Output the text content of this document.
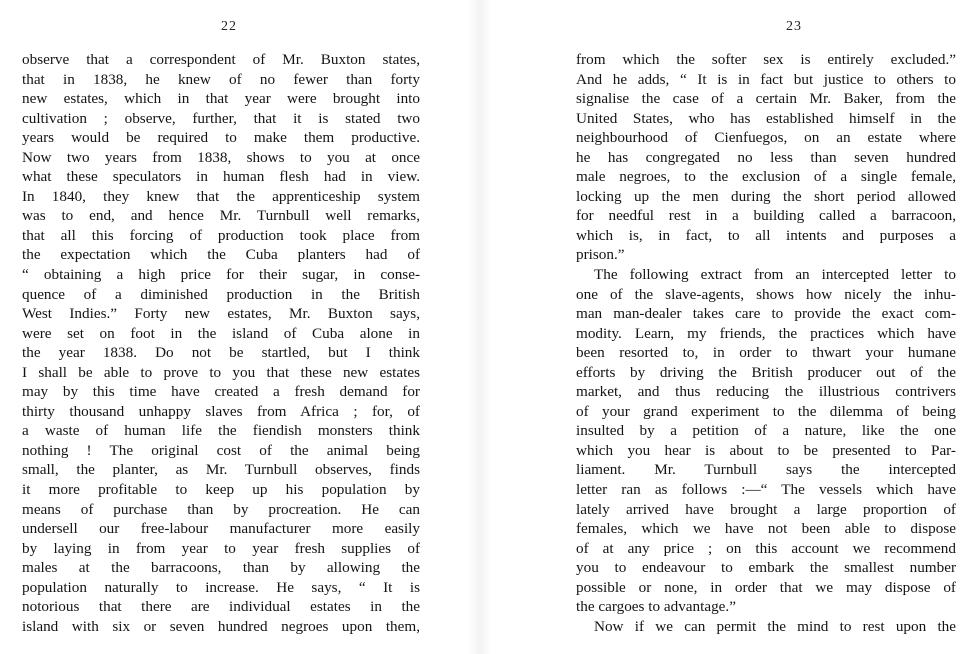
22
observe that a correspondent of Mr. Buxton states,
that in 1838, he knew of no fewer than forty
new estates, which in that year were brought into
cultivation ; observe, further, that it is stated two
years would be required to make them productive.
Now two years from 1838, shows to you at once
what these speculators in human flesh had in view.
In 1840, they knew that the apprenticeship system
was to end, and hence Mr. Turnbull well remarks,
that all this forcing of production took place from
the expectation which the Cuba planters had of
“ obtaining a high price for their sugar, in conse-
quence of a diminished production in the British
West Indies.” Forty new estates, Mr. Buxton says,
were set on foot in the island of Cuba alone in
the year 1838. Do not be startled, but I think
I shall be able to prove to you that these new estates
may by this time have created a fresh demand for
thirty thousand unhappy slaves from Africa ; for, of
a waste of human life the fiendish monsters think
nothing ! The original cost of the animal being
small, the planter, as Mr. Turnbull observes, finds
it more profitable to keep up his population by
means of purchase than by procreation. He can
undersell our free-labour manufacturer more easily
by laying in from year to year fresh supplies of
males at the barracoons, than by allowing the
population naturally to increase. He says, “ It is
notorious that there are individual estates in the
island with six or seven hundred negroes upon them,
23
from which the softer sex is entirely excluded.”
And he adds, “ It is in fact but justice to others to
signalise the case of a certain Mr. Baker, from the
United States, who has established himself in the
neighbourhood of Cienfuegos, on an estate where
he has congregated no less than seven hundred
male negroes, to the exclusion of a single female,
locking up the men during the short period allowed
for needful rest in a building called a barracoon,
which is, in fact, to all intents and purposes a
prison.”
The following extract from an intercepted letter to
one of the slave-agents, shows how nicely the inhu-
man man-dealer takes care to provide the exact com-
modity. Learn, my friends, the practices which have
been resorted to, in order to thwart your humane
efforts by driving the British producer out of the
market, and thus reducing the illustrious contrivers
of your grand experiment to the dilemma of being
insulted by a petition of a nature, like the one
which you hear is about to be presented to Par-
liament. Mr. Turnbull says the intercepted
letter ran as follows :—“ The vessels which have
lately arrived have brought a large proportion of
females, which we have not been able to dispose
of at any price ; on this account we recommend
you to endeavour to embark the smallest number
possible or none, in order that we may dispose of
the cargoes to advantage.”
Now if we can permit the mind to rest upon the
